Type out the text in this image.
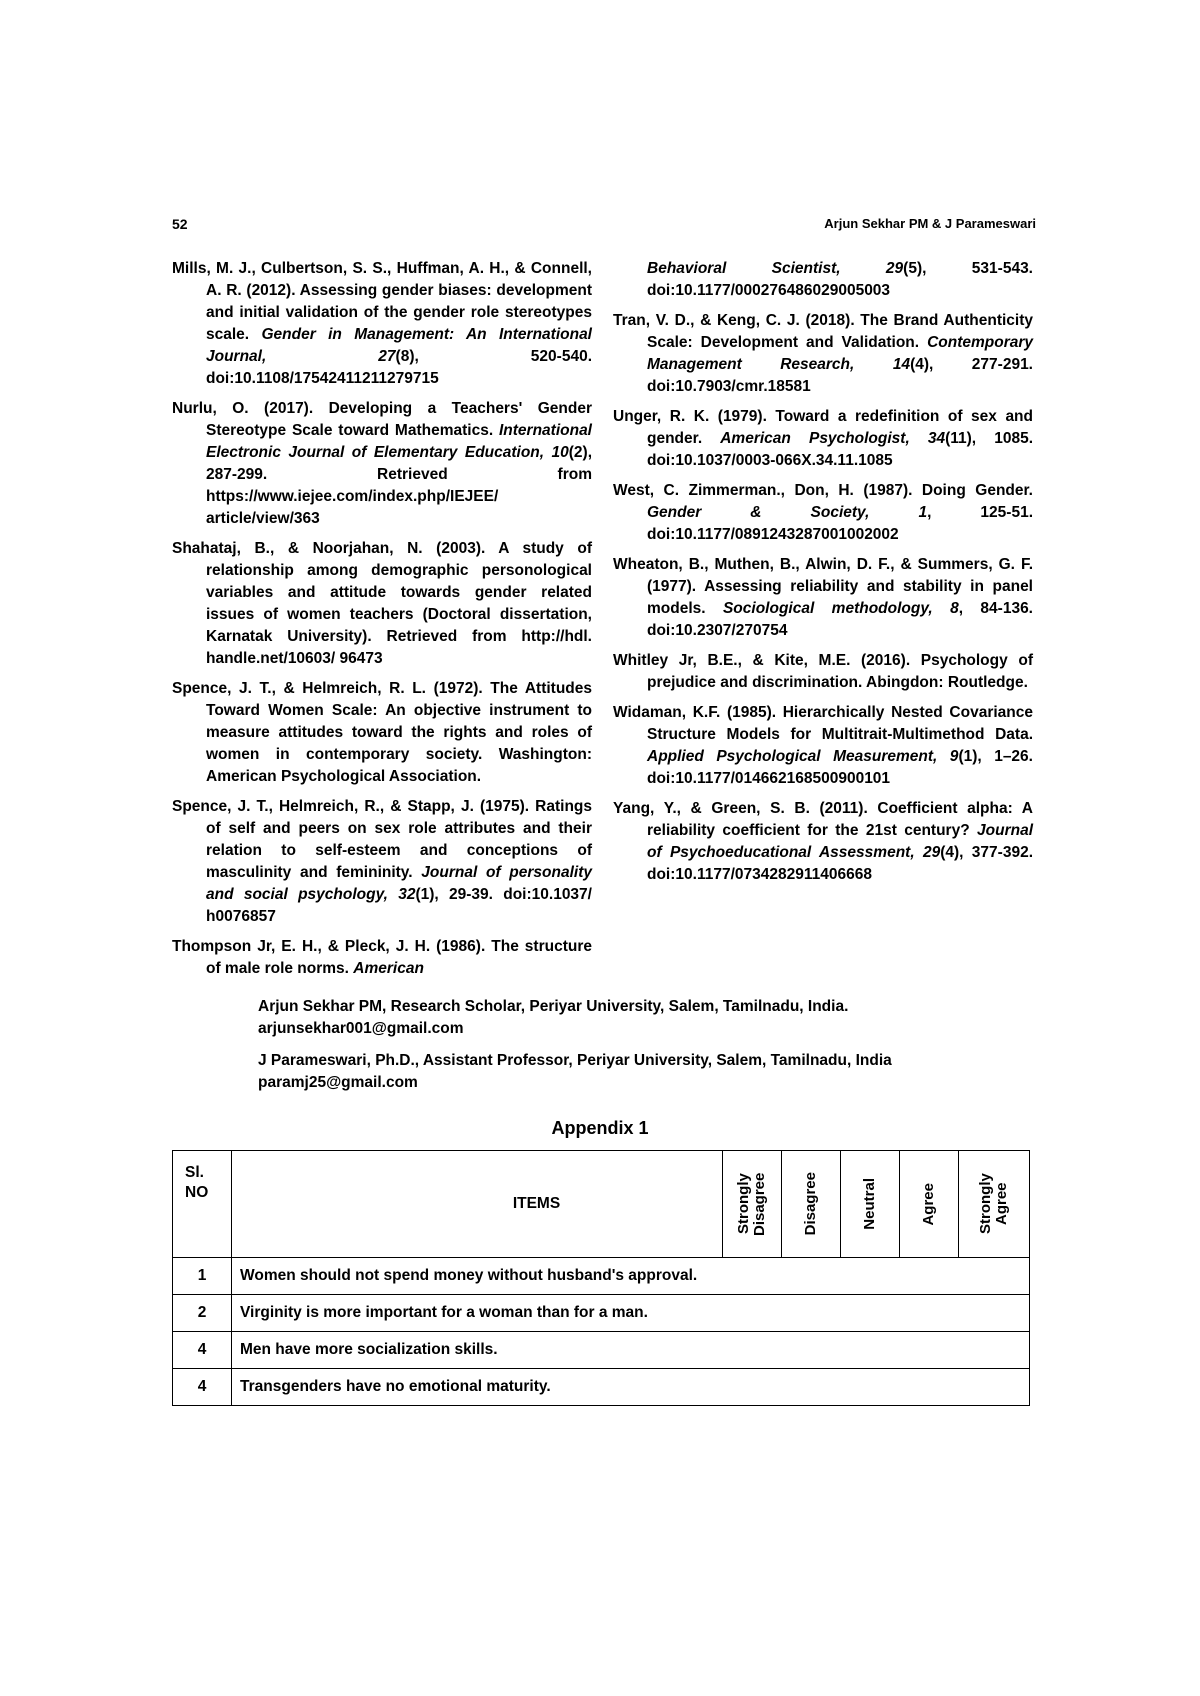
52	Arjun Sekhar PM & J Parameswari

Mills, M. J., Culbertson, S. S., Huffman, A. H., & Connell, A. R. (2012). Assessing gender biases: development and initial validation of the gender role stereotypes scale. Gender in Management: An International Journal, 27(8), 520-540. doi:10.1108/17542411211279715

Nurlu, O. (2017). Developing a Teachers' Gender Stereotype Scale toward Mathematics. International Electronic Journal of Elementary Education, 10(2), 287-299. Retrieved from https://www.iejee.com/index.php/IEJEE/ article/view/363

Shahataj, B., & Noorjahan, N. (2003). A study of relationship among demographic personological variables and attitude towards gender related issues of women teachers (Doctoral dissertation, Karnatak University). Retrieved from http://hdl. handle.net/10603/ 96473

Spence, J. T., & Helmreich, R. L. (1972). The Attitudes Toward Women Scale: An objective instrument to measure attitudes toward the rights and roles of women in contemporary society. Washington: American Psychological Association.

Spence, J. T., Helmreich, R., & Stapp, J. (1975). Ratings of self and peers on sex role attributes and their relation to self-esteem and conceptions of masculinity and femininity. Journal of personality and social psychology, 32(1), 29-39. doi:10.1037/ h0076857

Thompson Jr, E. H., & Pleck, J. H. (1986). The structure of male role norms. American

Behavioral Scientist, 29(5), 531-543. doi:10.1177/000276486029005003

Tran, V. D., & Keng, C. J. (2018). The Brand Authenticity Scale: Development and Validation. Contemporary Management Research, 14(4), 277-291. doi:10.7903/cmr.18581

Unger, R. K. (1979). Toward a redefinition of sex and gender. American Psychologist, 34(11), 1085. doi:10.1037/0003-066X.34.11.1085

West, C. Zimmerman., Don, H. (1987). Doing Gender. Gender & Society, 1, 125-51. doi:10.1177/0891243287001002002

Wheaton, B., Muthen, B., Alwin, D. F., & Summers, G. F. (1977). Assessing reliability and stability in panel models. Sociological methodology, 8, 84-136. doi:10.2307/270754

Whitley Jr, B.E., & Kite, M.E. (2016). Psychology of prejudice and discrimination. Abingdon: Routledge.

Widaman, K.F. (1985). Hierarchically Nested Covariance Structure Models for Multitrait-Multimethod Data. Applied Psychological Measurement, 9(1), 1–26. doi:10.1177/014662168500900101

Yang, Y., & Green, S. B. (2011). Coefficient alpha: A reliability coefficient for the 21st century? Journal of Psychoeducational Assessment, 29(4), 377-392. doi:10.1177/0734282911406668

Arjun Sekhar PM, Research Scholar, Periyar University, Salem, Tamilnadu, India.
arjunsekhar001@gmail.com
J Parameswari, Ph.D., Assistant Professor, Periyar University, Salem, Tamilnadu, India
paramj25@gmail.com
Appendix 1
Sl.
NO	ITEMS	Strongly Disagree	Disagree	Neutral	Agree	Strongly Agree

1	Women should not spend money without husband's approval.					
2	Virginity is more important for a woman than for a man.					
4	Men have more socialization skills.					
4	Transgenders have no emotional maturity.					
